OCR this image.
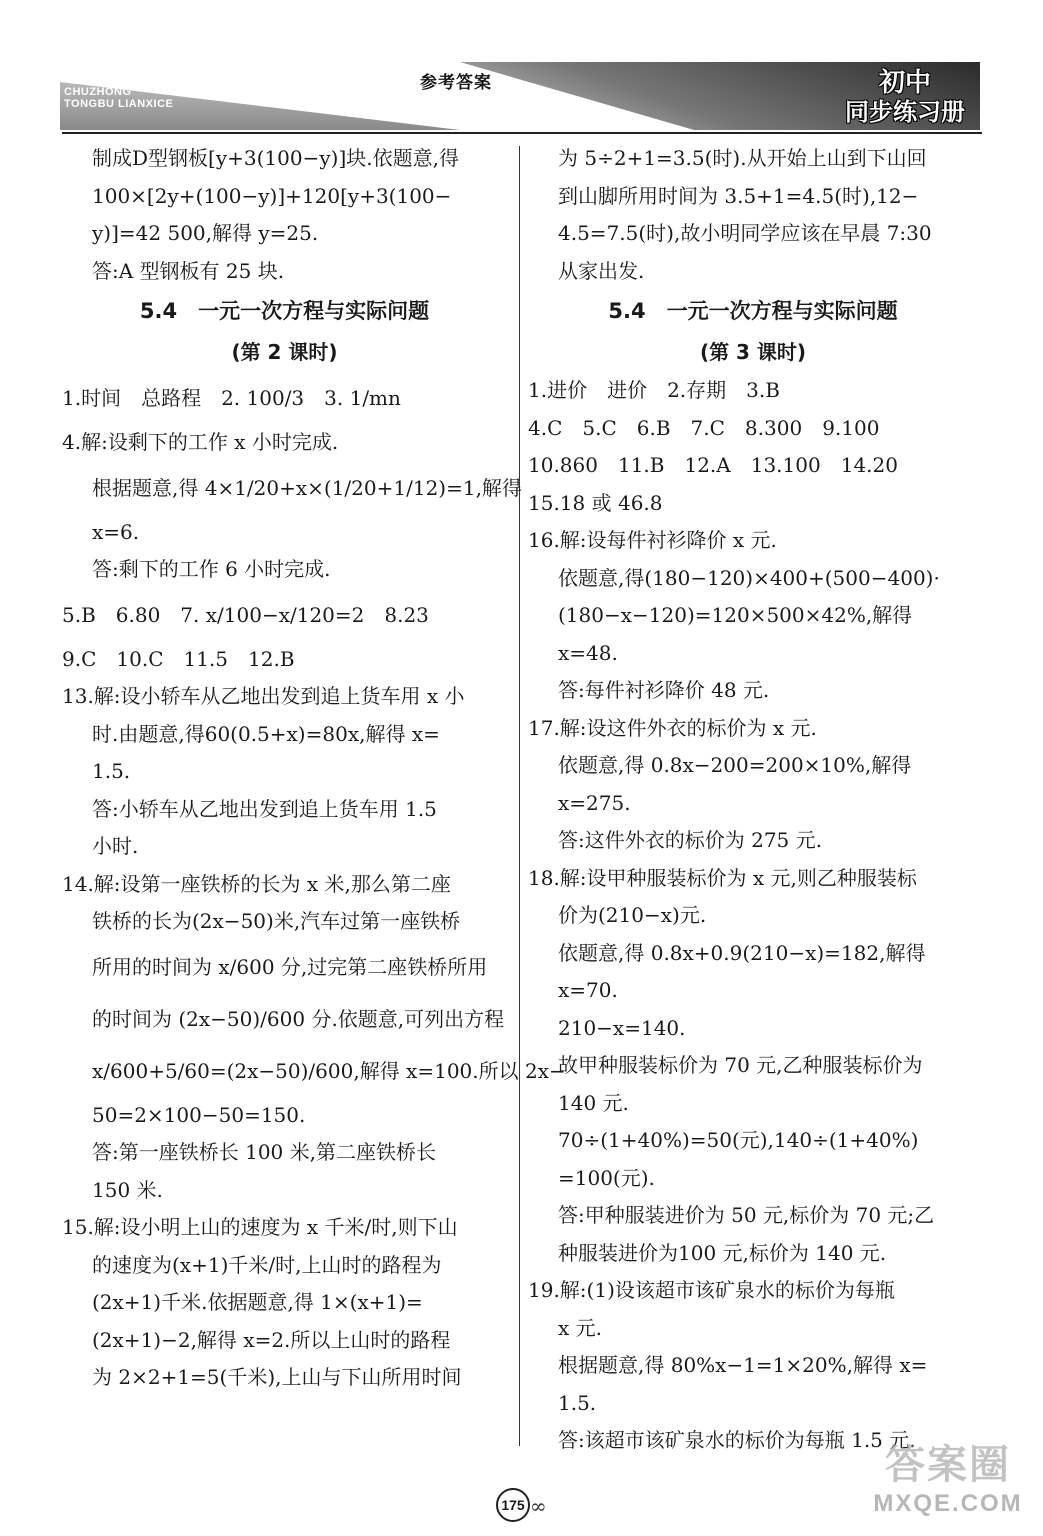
CHUZHONG
TONGBU LIANXICE
初中
同步练习册
参考答案
制成D型钢板[y+3(100−y)]块.依题意,得
100×[2y+(100−y)]+120[y+3(100−
y)]=42 500,解得 y=25.
答:A 型钢板有 25 块.
5.4　一元一次方程与实际问题
(第 2 课时)
1.时间　总路程　2. 100/3　3. 1/mn
4.解:设剩下的工作 x 小时完成.
根据题意,得 4×1/20+x×(1/20+1/12)=1,解得
x=6.
答:剩下的工作 6 小时完成.
5.B　6.80　7. x/100−x/120=2　8.23
9.C　10.C　11.5　12.B
13.解:设小轿车从乙地出发到追上货车用 x 小
时.由题意,得60(0.5+x)=80x,解得 x=
1.5.
答:小轿车从乙地出发到追上货车用 1.5
小时.
14.解:设第一座铁桥的长为 x 米,那么第二座
铁桥的长为(2x−50)米,汽车过第一座铁桥
所用的时间为 x/600 分,过完第二座铁桥所用
的时间为 (2x−50)/600 分.依题意,可列出方程
x/600+5/60=(2x−50)/600,解得 x=100.所以 2x−
50=2×100−50=150.
答:第一座铁桥长 100 米,第二座铁桥长
150 米.
15.解:设小明上山的速度为 x 千米/时,则下山
的速度为(x+1)千米/时,上山时的路程为
(2x+1)千米.依据题意,得 1×(x+1)=
(2x+1)−2,解得 x=2.所以上山时的路程
为 2×2+1=5(千米),上山与下山所用时间
为 5÷2+1=3.5(时).从开始上山到下山回
到山脚所用时间为 3.5+1=4.5(时),12−
4.5=7.5(时),故小明同学应该在早晨 7:30
从家出发.
5.4　一元一次方程与实际问题
(第 3 课时)
1.进价　进价　2.存期　3.B
4.C　5.C　6.B　7.C　8.300　9.100
10.860　11.B　12.A　13.100　14.20
15.18 或 46.8
16.解:设每件衬衫降价 x 元.
依题意,得(180−120)×400+(500−400)·
(180−x−120)=120×500×42%,解得
x=48.
答:每件衬衫降价 48 元.
17.解:设这件外衣的标价为 x 元.
依题意,得 0.8x−200=200×10%,解得
x=275.
答:这件外衣的标价为 275 元.
18.解:设甲种服装标价为 x 元,则乙种服装标
价为(210−x)元.
依题意,得 0.8x+0.9(210−x)=182,解得
x=70.
210−x=140.
故甲种服装标价为 70 元,乙种服装标价为
140 元.
70÷(1+40%)=50(元),140÷(1+40%)
=100(元).
答:甲种服装进价为 50 元,标价为 70 元;乙
种服装进价为100 元,标价为 140 元.
19.解:(1)设该超市该矿泉水的标价为每瓶
x 元.
根据题意,得 80%x−1=1×20%,解得 x=
1.5.
答:该超市该矿泉水的标价为每瓶 1.5 元.
175 ∞
答案圈
MXQE.COM
